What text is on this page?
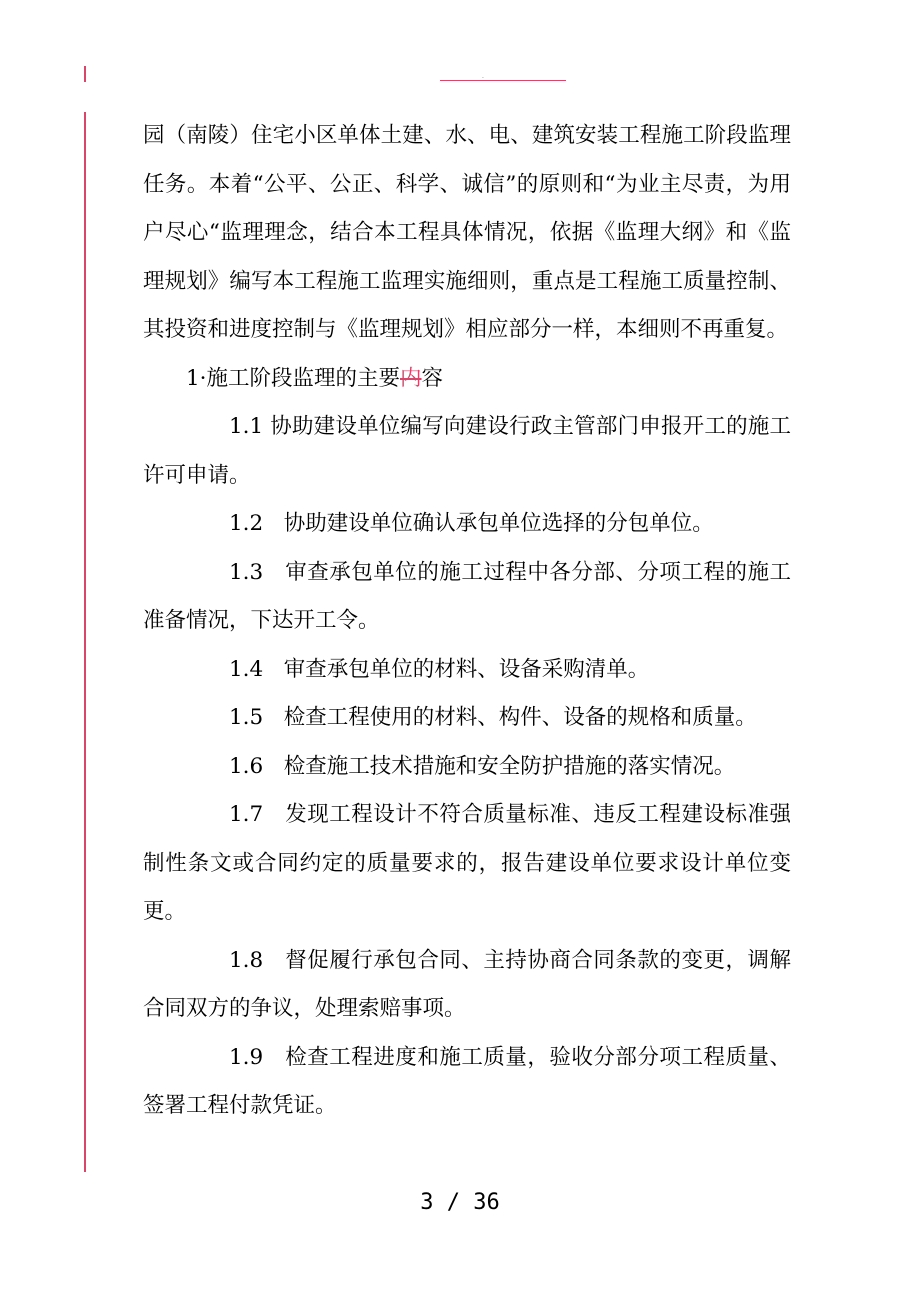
.

园（南陵）住宅小区单体土建、水、电、建筑安装工程施工阶段监理任务。本着“公平、公正、科学、诚信”的原则和“为业主尽责，为用户尽心“监理理念，结合本工程具体情况，依据《监理大纲》和《监理规划》编写本工程施工监理实施细则，重点是工程施工质量控制、其投资和进度控制与《监理规划》相应部分一样，本细则不再重复。

1·施工阶段监理的主要内容

1.1 协助建设单位编写向建设行政主管部门申报开工的施工许可申请。

1.2 协助建设单位确认承包单位选择的分包单位。

1.3 审查承包单位的施工过程中各分部、分项工程的施工准备情况，下达开工令。

1.4 审查承包单位的材料、设备采购清单。

1.5 检查工程使用的材料、构件、设备的规格和质量。

1.6 检查施工技术措施和安全防护措施的落实情况。

1.7 发现工程设计不符合质量标准、违反工程建设标准强制性条文或合同约定的质量要求的，报告建设单位要求设计单位变更。

1.8 督促履行承包合同、主持协商合同条款的变更，调解合同双方的争议，处理索赔事项。

1.9 检查工程进度和施工质量，验收分部分项工程质量、签署工程付款凭证。

3 / 36
